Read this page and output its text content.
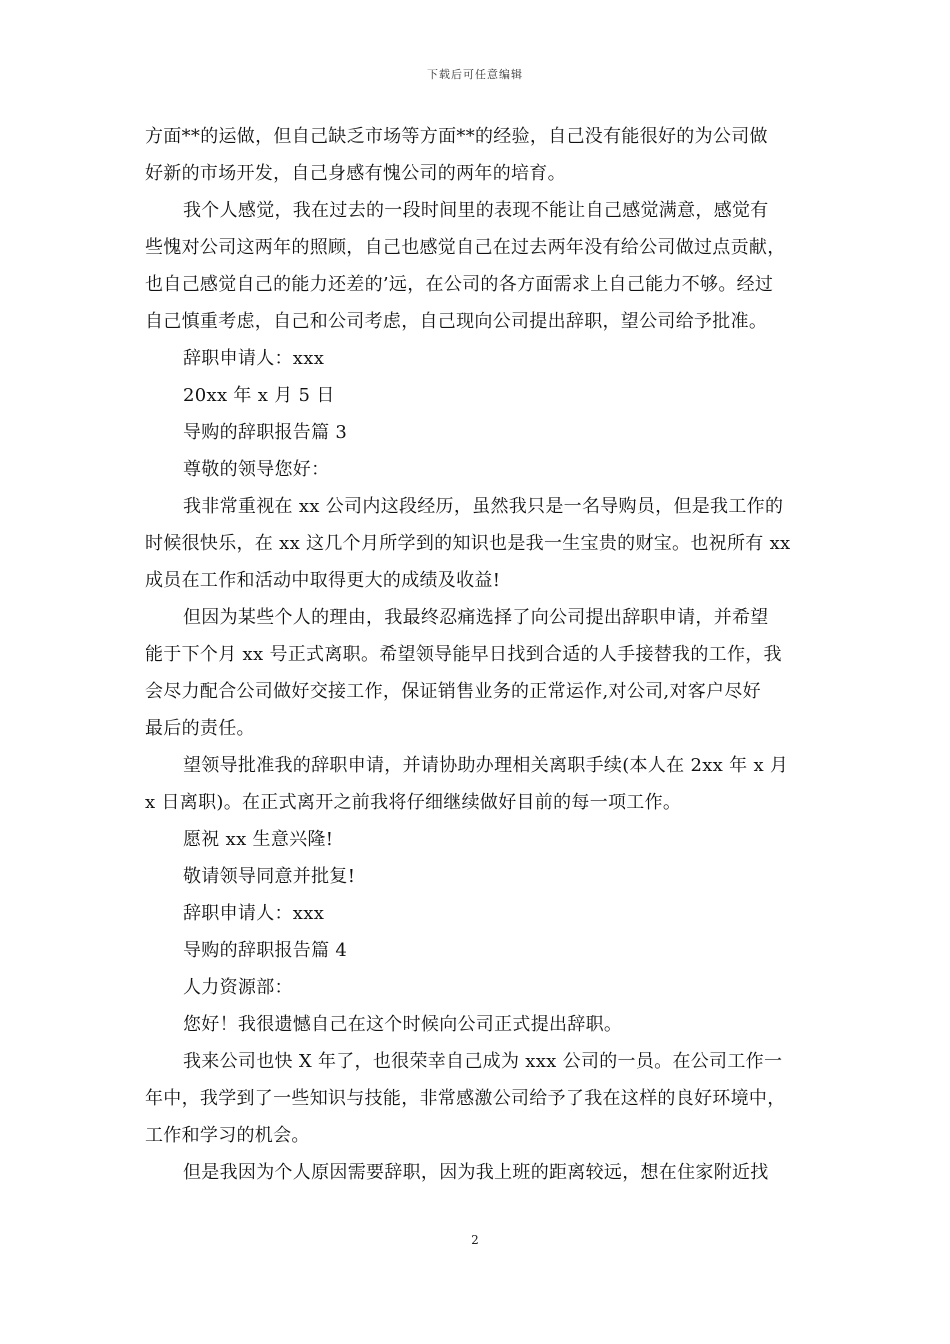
下载后可任意编辑
方面**的运做，但自己缺乏市场等方面**的经验，自己没有能很好的为公司做
好新的市场开发，自己身感有愧公司的两年的培育。
我个人感觉，我在过去的一段时间里的表现不能让自己感觉满意，感觉有
些愧对公司这两年的照顾，自己也感觉自己在过去两年没有给公司做过点贡献，
也自己感觉自己的能力还差的’远，在公司的各方面需求上自己能力不够。经过
自己慎重考虑，自己和公司考虑，自己现向公司提出辞职，望公司给予批准。
辞职申请人：xxx
20xx 年 x 月 5 日
导购的辞职报告篇 3
尊敬的领导您好：
我非常重视在 xx 公司内这段经历，虽然我只是一名导购员，但是我工作的
时候很快乐，在 xx 这几个月所学到的知识也是我一生宝贵的财宝。也祝所有 xx
成员在工作和活动中取得更大的成绩及收益!
但因为某些个人的理由，我最终忍痛选择了向公司提出辞职申请，并希望
能于下个月 xx 号正式离职。希望领导能早日找到合适的人手接替我的工作，我
会尽力配合公司做好交接工作，保证销售业务的正常运作,对公司,对客户尽好
最后的责任。
望领导批准我的辞职申请，并请协助办理相关离职手续(本人在 2xx 年 x 月
x 日离职)。在正式离开之前我将仔细继续做好目前的每一项工作。
愿祝 xx 生意兴隆!
敬请领导同意并批复!
辞职申请人：xxx
导购的辞职报告篇 4
人力资源部：
您好！我很遗憾自己在这个时候向公司正式提出辞职。
我来公司也快 X 年了，也很荣幸自己成为 xxx 公司的一员。在公司工作一
年中，我学到了一些知识与技能，非常感激公司给予了我在这样的良好环境中，
工作和学习的机会。
但是我因为个人原因需要辞职，因为我上班的距离较远，想在住家附近找
2
